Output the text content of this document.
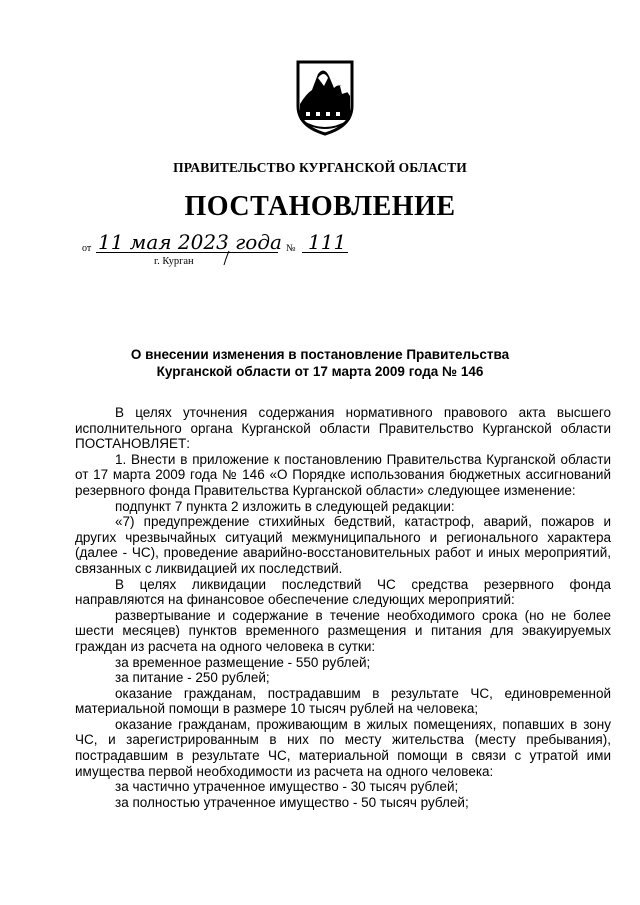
ПРАВИТЕЛЬСТВО КУРГАНСКОЙ ОБЛАСТИ
ПОСТАНОВЛЕНИЕ
от 11 мая 2023 года № 111
г. Курган
О внесении изменения в постановление Правительства
Курганской области от 17 марта 2009 года № 146

В целях уточнения содержания нормативного правового акта высшего исполнительного органа Курганской области Правительство Курганской области ПОСТАНОВЛЯЕТ:

1. Внести в приложение к постановлению Правительства Курганской области от 17 марта 2009 года № 146 «О Порядке использования бюджетных ассигнований резервного фонда Правительства Курганской области» следующее изменение:

подпункт 7 пункта 2 изложить в следующей редакции:

«7) предупреждение стихийных бедствий, катастроф, аварий, пожаров и других чрезвычайных ситуаций межмуниципального и регионального характера (далее - ЧС), проведение аварийно-восстановительных работ и иных мероприятий, связанных с ликвидацией их последствий.

В целях ликвидации последствий ЧС средства резервного фонда направляются на финансовое обеспечение следующих мероприятий:

развертывание и содержание в течение необходимого срока (но не более шести месяцев) пунктов временного размещения и питания для эвакуируемых граждан из расчета на одного человека в сутки:

за временное размещение - 550 рублей;

за питание - 250 рублей;

оказание гражданам, пострадавшим в результате ЧС, единовременной материальной помощи в размере 10 тысяч рублей на человека;

оказание гражданам, проживающим в жилых помещениях, попавших в зону ЧС, и зарегистрированным в них по месту жительства (месту пребывания), пострадавшим в результате ЧС, материальной помощи в связи с утратой ими имущества первой необходимости из расчета на одного человека:

за частично утраченное имущество - 30 тысяч рублей;

за полностью утраченное имущество - 50 тысяч рублей;
